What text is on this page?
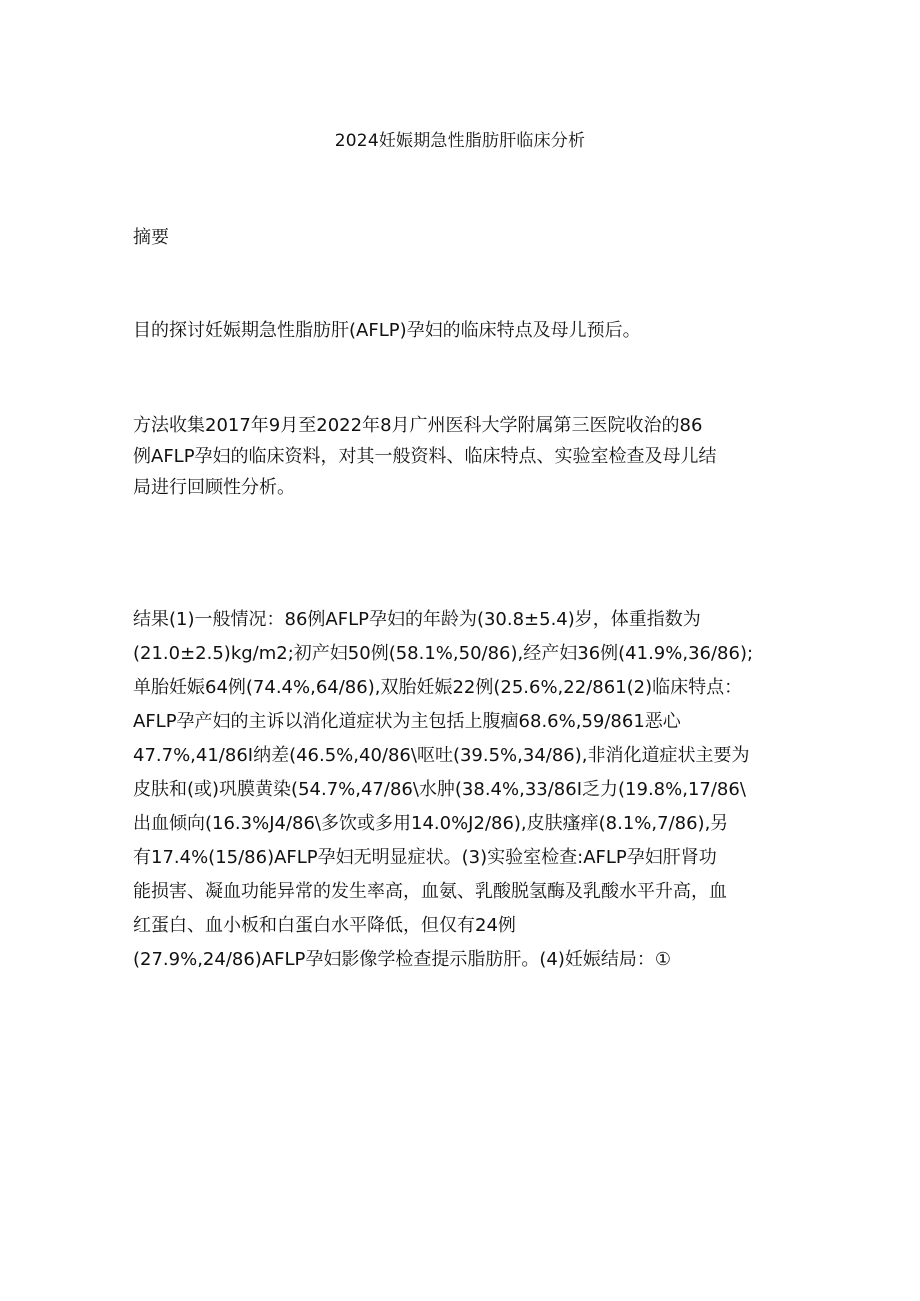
2024妊娠期急性脂肪肝临床分析
摘要
目的探讨妊娠期急性脂肪肝(AFLP)孕妇的临床特点及母儿预后。
方法收集2017年9月至2022年8月广州医科大学附属第三医院收治的86
例AFLP孕妇的临床资料，对其一般资料、临床特点、实验室检查及母儿结
局进行回顾性分析。
结果(1)一般情况：86例AFLP孕妇的年龄为(30.8±5.4)岁，体重指数为
(21.0±2.5)kg∕m2;初产妇50例(58.1%,50/86),经产妇36例(41.9%,36/86);
单胎妊娠64例(74.4%,64/86),双胎妊娠22例(25.6%,22/861(2)临床特点：
AFLP孕产妇的主诉以消化道症状为主包括上腹痼68.6%,59/861恶心
47.7%,41/86I纳差(46.5%,40/86\呕吐(39.5%,34/86),非消化道症状主要为
皮肤和(或)巩膜黄染(54.7%,47/86\水肿(38.4%,33/86I乏力(19.8%,17/86\
出血倾向(16.3%J4/86\多饮或多用14.0%J2/86),皮肤瘙痒(8.1%,7/86),另
有17.4%(15/86)AFLP孕妇无明显症状。(3)实验室检查:AFLP孕妇肝肾功
能损害、凝血功能异常的发生率高，血氨、乳酸脱氢酶及乳酸水平升高，血
红蛋白、血小板和白蛋白水平降低，但仅有24例
(27.9%,24/86)AFLP孕妇影像学检查提示脂肪肝。(4)妊娠结局：①
